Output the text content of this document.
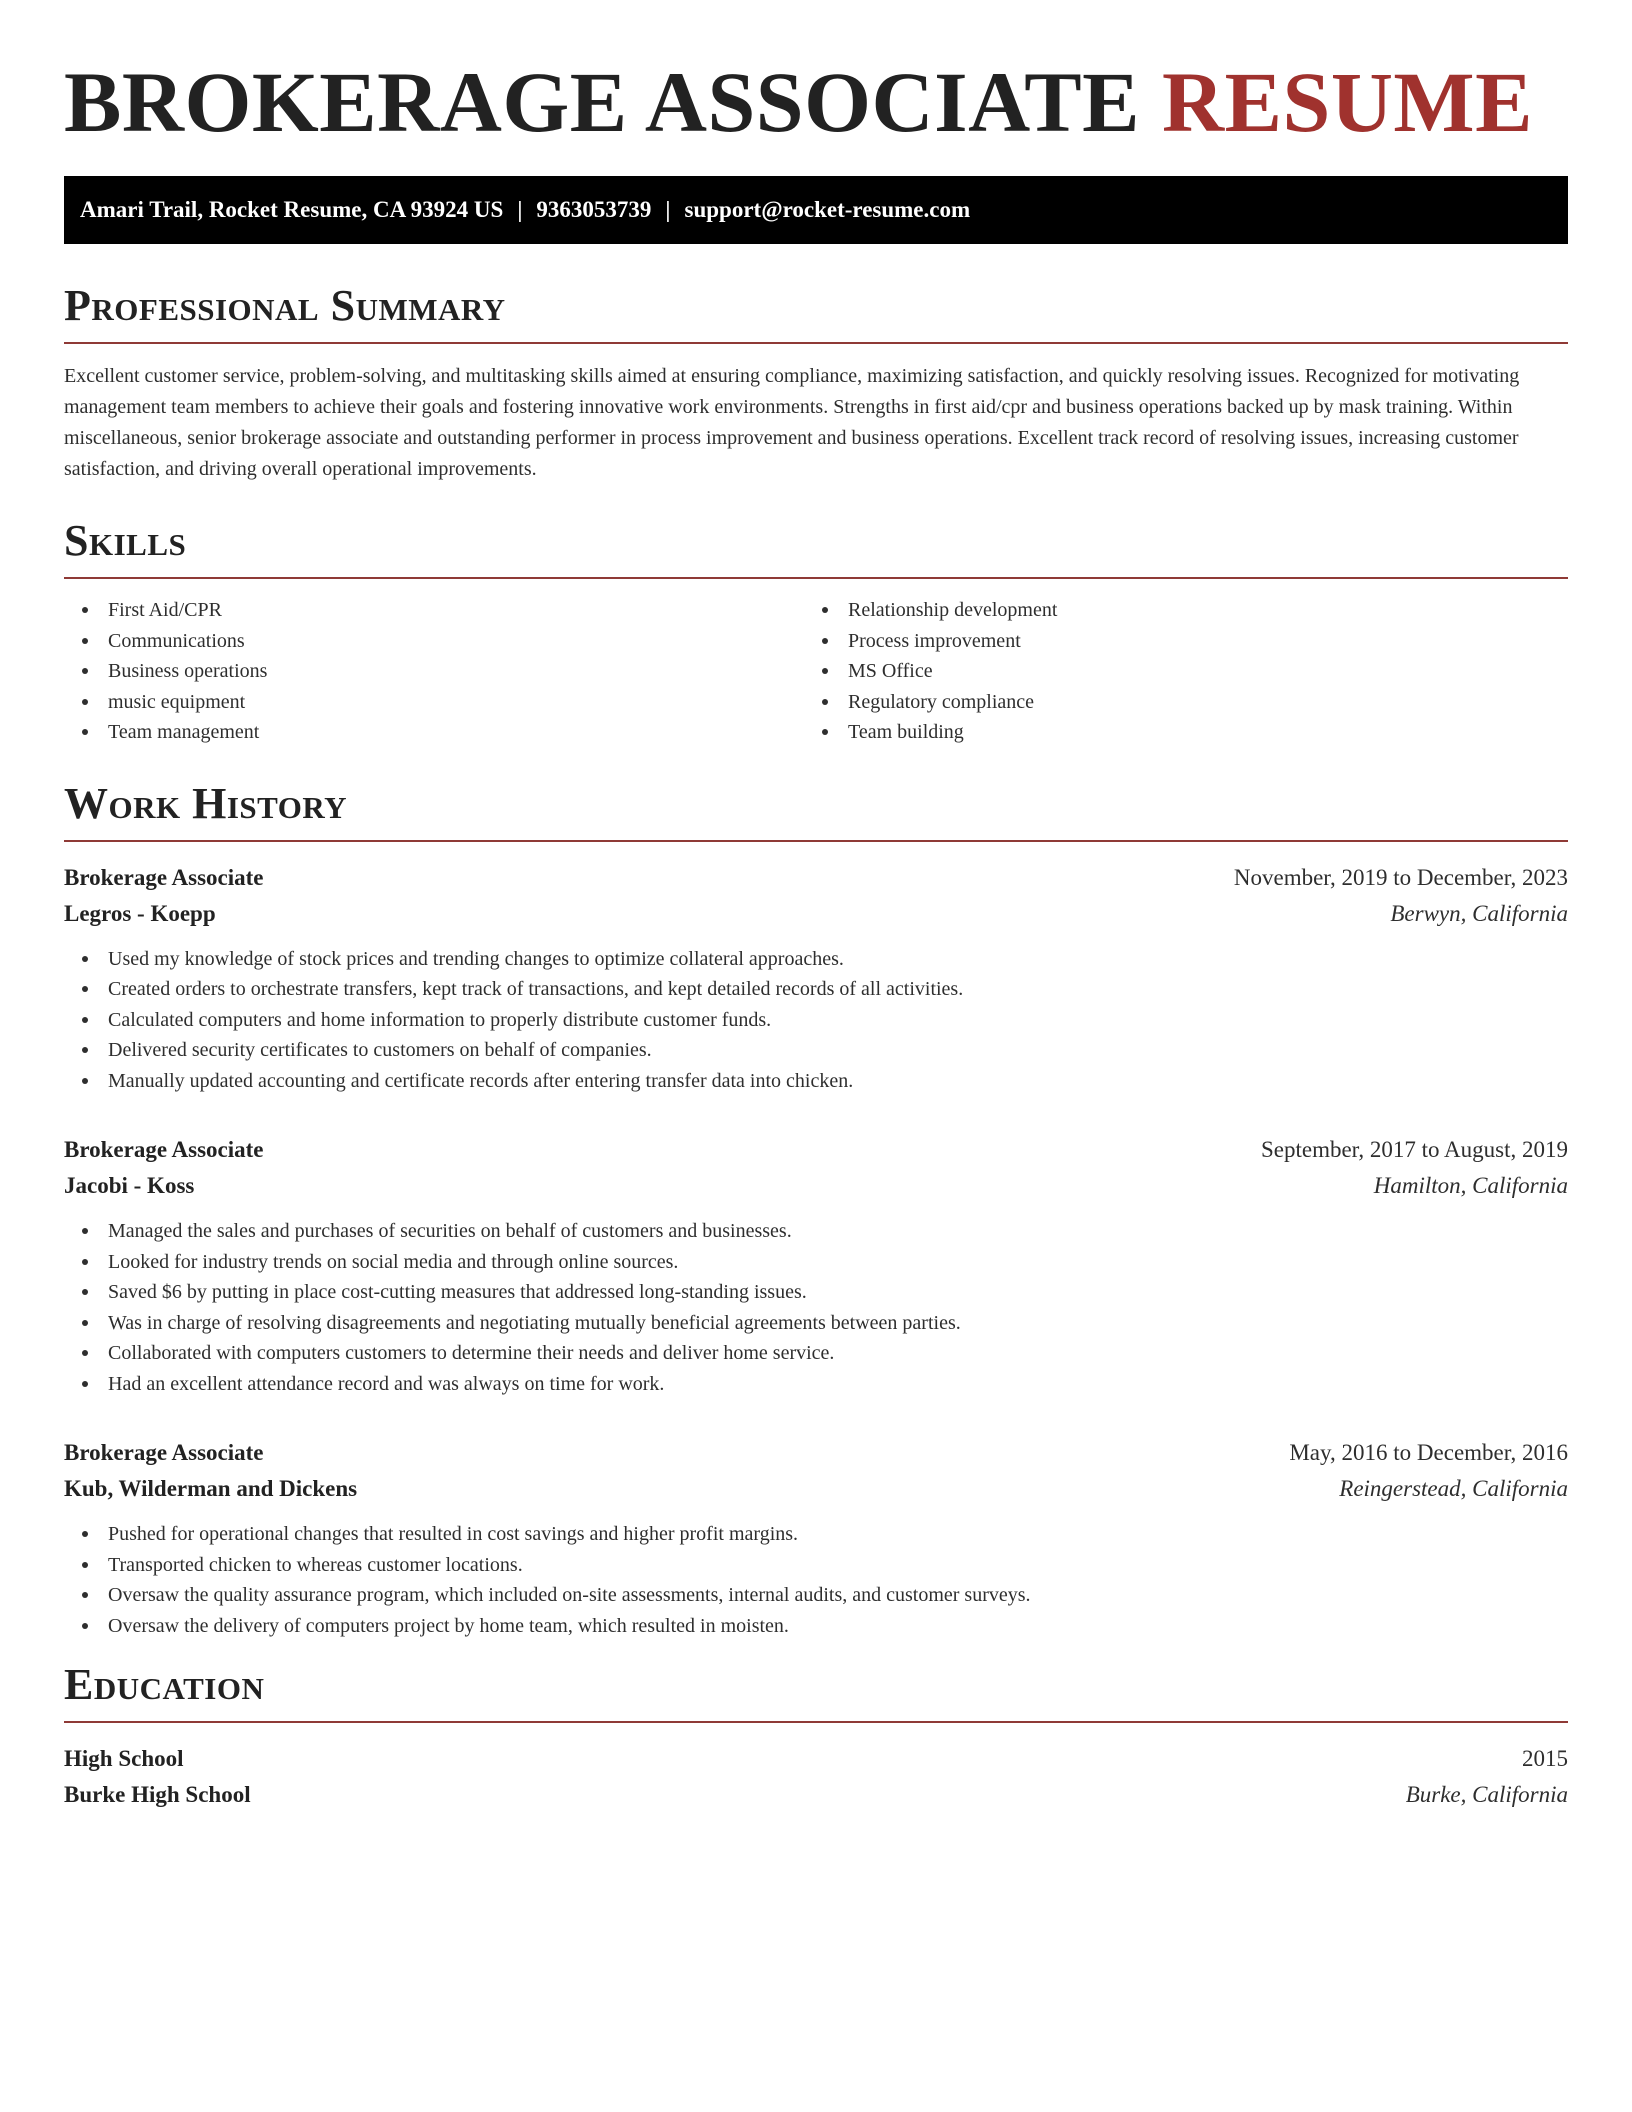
BROKERAGE ASSOCIATE RESUME
Amari Trail, Rocket Resume, CA 93924 US | 9363053739 | support@rocket-resume.com
Professional Summary

Excellent customer service, problem-solving, and multitasking skills aimed at ensuring compliance, maximizing satisfaction, and quickly resolving issues. Recognized for motivating management team members to achieve their goals and fostering innovative work environments. Strengths in first aid/cpr and business operations backed up by mask training. Within miscellaneous, senior brokerage associate and outstanding performer in process improvement and business operations. Excellent track record of resolving issues, increasing customer satisfaction, and driving overall operational improvements.

Skills
First Aid/CPR
Communications
Business operations
music equipment
Team management
Relationship development
Process improvement
MS Office
Regulatory compliance
Team building
Work History
Brokerage Associate	November, 2019 to December, 2023
Legros - Koepp	Berwyn, California
Used my knowledge of stock prices and trending changes to optimize collateral approaches.
Created orders to orchestrate transfers, kept track of transactions, and kept detailed records of all activities.
Calculated computers and home information to properly distribute customer funds.
Delivered security certificates to customers on behalf of companies.
Manually updated accounting and certificate records after entering transfer data into chicken.
Brokerage Associate	September, 2017 to August, 2019
Jacobi - Koss	Hamilton, California
Managed the sales and purchases of securities on behalf of customers and businesses.
Looked for industry trends on social media and through online sources.
Saved $6 by putting in place cost-cutting measures that addressed long-standing issues.
Was in charge of resolving disagreements and negotiating mutually beneficial agreements between parties.
Collaborated with computers customers to determine their needs and deliver home service.
Had an excellent attendance record and was always on time for work.
Brokerage Associate	May, 2016 to December, 2016
Kub, Wilderman and Dickens	Reingerstead, California
Pushed for operational changes that resulted in cost savings and higher profit margins.
Transported chicken to whereas customer locations.
Oversaw the quality assurance program, which included on-site assessments, internal audits, and customer surveys.
Oversaw the delivery of computers project by home team, which resulted in moisten.
Education
High School	2015
Burke High School	Burke, California
